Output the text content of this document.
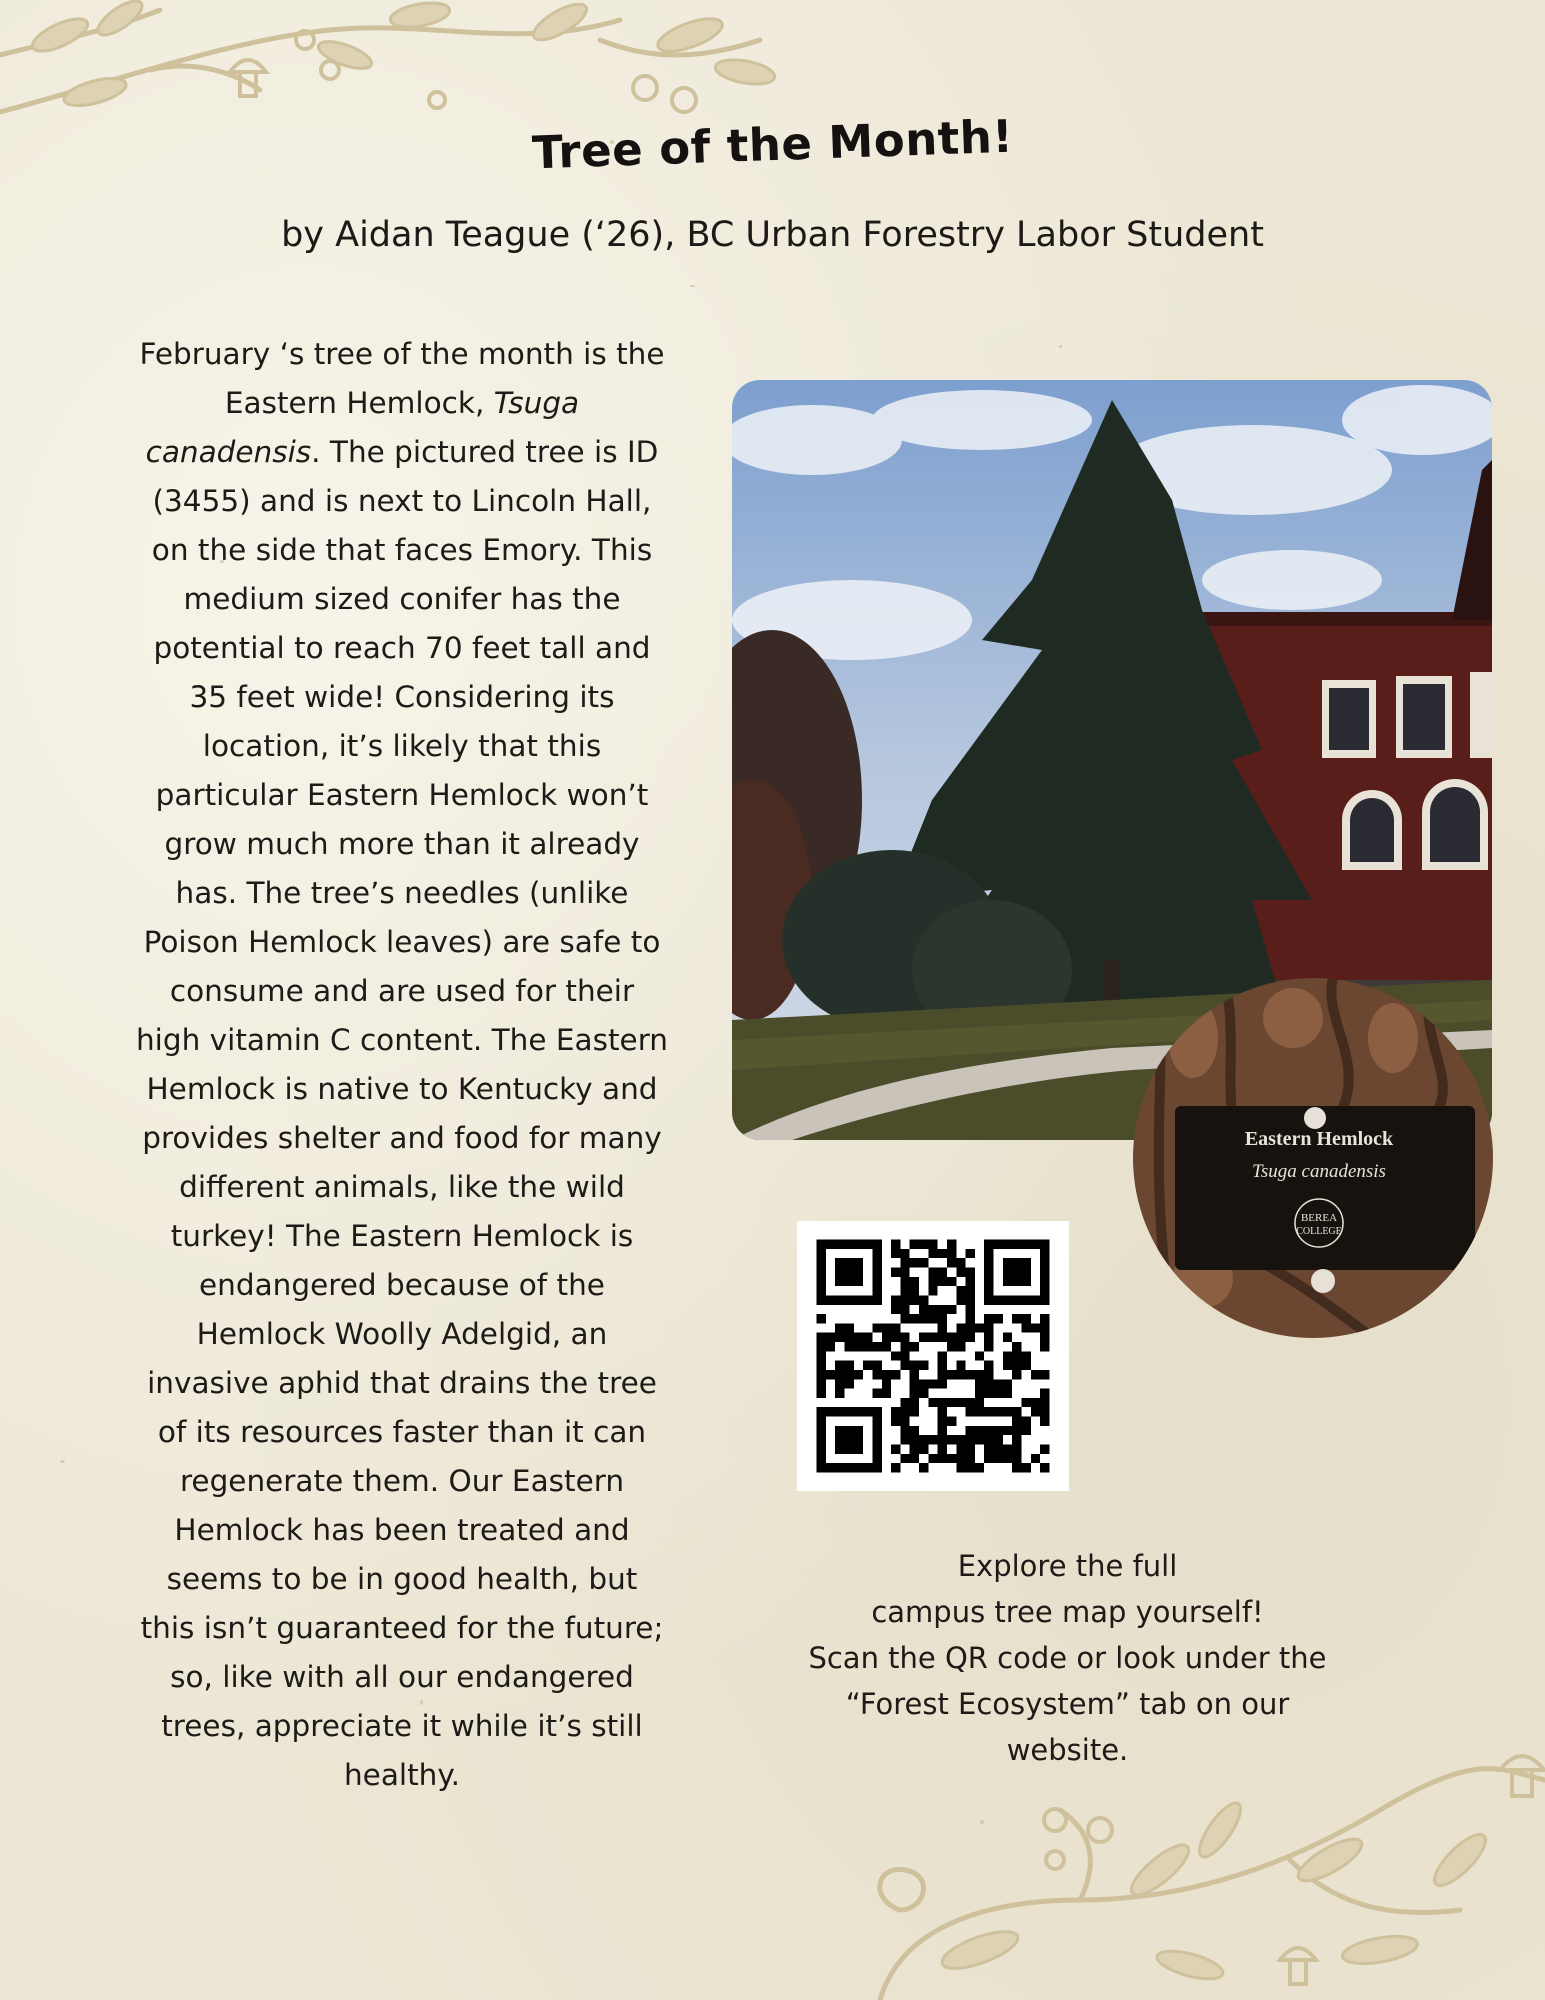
Tree of the Month!
by Aidan Teague (‘26), BC Urban Forestry Labor Student
February ‘s tree of the month is the
Eastern Hemlock, Tsuga
canadensis. The pictured tree is ID
(3455) and is next to Lincoln Hall,
on the side that faces Emory. This
medium sized conifer has the
potential to reach 70 feet tall and
35 feet wide! Considering its
location, it’s likely that this
particular Eastern Hemlock won’t
grow much more than it already
has. The tree’s needles (unlike
Poison Hemlock leaves) are safe to
consume and are used for their
high vitamin C content. The Eastern
Hemlock is native to Kentucky and
provides shelter and food for many
different animals, like the wild
turkey! The Eastern Hemlock is
endangered because of the
Hemlock Woolly Adelgid, an
invasive aphid that drains the tree
of its resources faster than it can
regenerate them. Our Eastern
Hemlock has been treated and
seems to be in good health, but
this isn’t guaranteed for the future;
so, like with all our endangered
trees, appreciate it while it’s still
healthy.
Eastern Hemlock
Tsuga canadensis
BEREA
COLLEGE
Explore the full
campus tree map yourself!
Scan the QR code or look under the
“Forest Ecosystem” tab on our
website.
